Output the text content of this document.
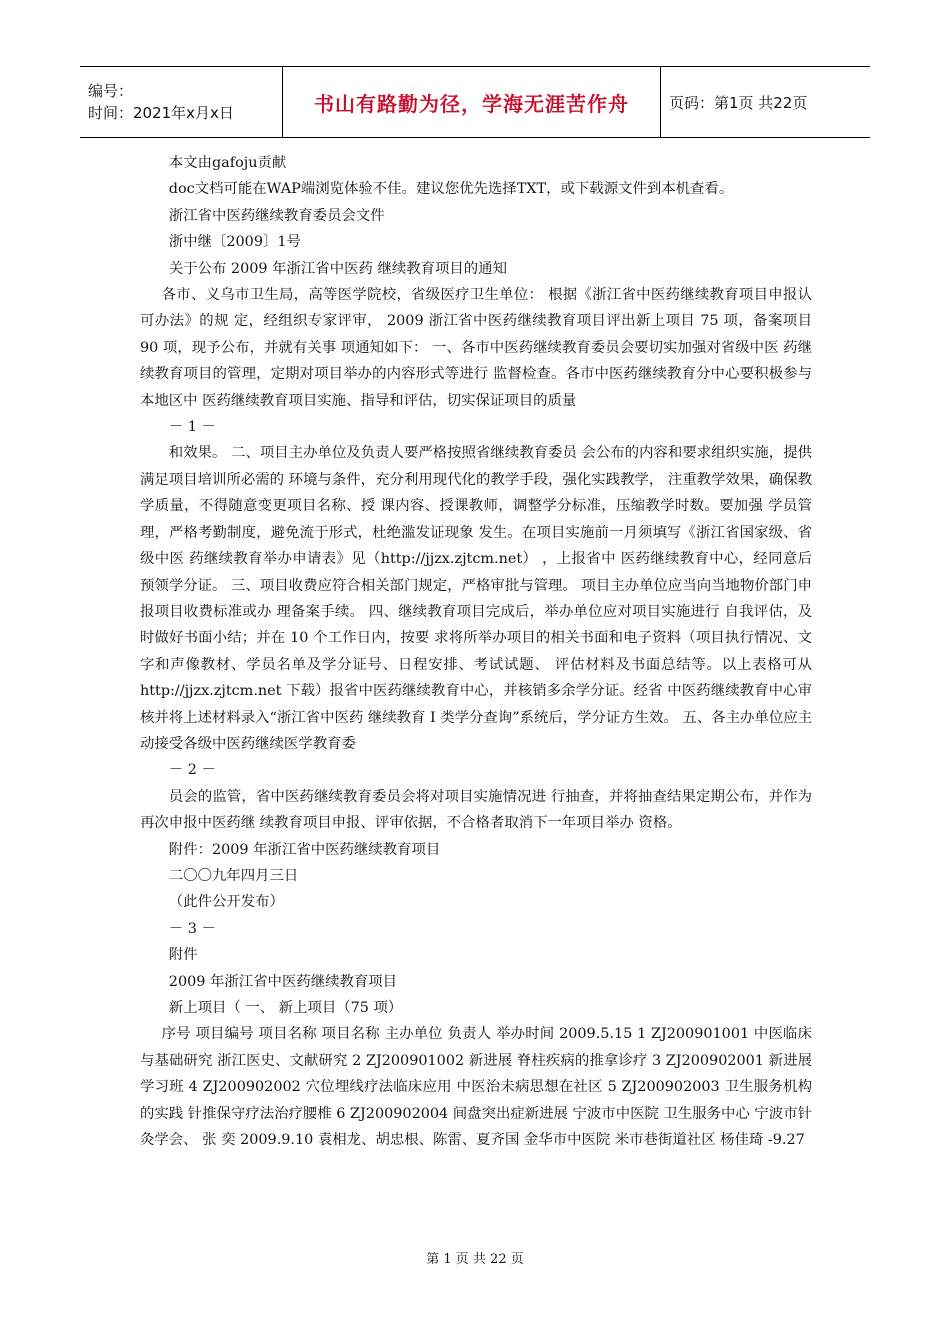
编号：
时间：2021年x月x日	书山有路勤为径，学海无涯苦作舟	页码：第1页 共22页

本文由gafoju贡献

doc文档可能在WAP端浏览体验不佳。建议您优先选择TXT，或下载源文件到本机查看。

浙江省中医药继续教育委员会文件

浙中继〔2009〕1号

关于公布 2009 年浙江省中医药 继续教育项目的通知

各市、义乌市卫生局，高等医学院校，省级医疗卫生单位： 根据《浙江省中医药继续教育项目申报认可办法》的规 定，经组织专家评审， 2009 浙江省中医药继续教育项目评出新上项目 75 项，备案项目 90 项，现予公布，并就有关事 项通知如下： 一、各市中医药继续教育委员会要切实加强对省级中医 药继续教育项目的管理，定期对项目举办的内容形式等进行 监督检查。各市中医药继续教育分中心要积极参与本地区中 医药继续教育项目实施、指导和评估，切实保证项目的质量

－ 1 －

和效果。 二、项目主办单位及负责人要严格按照省继续教育委员 会公布的内容和要求组织实施，提供满足项目培训所必需的 环境与条件，充分利用现代化的教学手段，强化实践教学， 注重教学效果，确保教学质量，不得随意变更项目名称、授 课内容、授课教师，调整学分标准，压缩教学时数。要加强 学员管理，严格考勤制度，避免流于形式，杜绝滥发证现象 发生。在项目实施前一月须填写《浙江省国家级、省级中医 药继续教育举办申请表》见（http://jjzx.zjtcm.net） ，上报省中 医药继续教育中心，经同意后预领学分证。 三、项目收费应符合相关部门规定，严格审批与管理。 项目主办单位应当向当地物价部门申报项目收费标准或办 理备案手续。 四、继续教育项目完成后，举办单位应对项目实施进行 自我评估，及时做好书面小结；并在 10 个工作日内，按要 求将所举办项目的相关书面和电子资料（项目执行情况、文 字和声像教材、学员名单及学分证号、日程安排、考试试题、 评估材料及书面总结等。以上表格可从 http://jjzx.zjtcm.net 下载）报省中医药继续教育中心，并核销多余学分证。经省 中医药继续教育中心审核并将上述材料录入“浙江省中医药 继续教育 I 类学分查询”系统后，学分证方生效。 五、各主办单位应主动接受各级中医药继续医学教育委

－ 2 －

员会的监管，省中医药继续教育委员会将对项目实施情况进 行抽查，并将抽查结果定期公布，并作为再次申报中医药继 续教育项目申报、评审依据，不合格者取消下一年项目举办 资格。

附件：2009 年浙江省中医药继续教育项目

二〇〇九年四月三日

（此件公开发布）

－ 3 －

附件

2009 年浙江省中医药继续教育项目

新上项目（ 一、 新上项目（75 项）

序号 项目编号 项目名称 项目名称 主办单位 负责人 举办时间 2009.5.15 1 ZJ200901001 中医临床与基础研究 浙江医史、文献研究 2 ZJ200901002 新进展 脊柱疾病的推拿诊疗 3 ZJ200902001 新进展学习班 4 ZJ200902002 穴位埋线疗法临床应用 中医治未病思想在社区 5 ZJ200902003 卫生服务机构的实践 针推保守疗法治疗腰椎 6 ZJ200902004 间盘突出症新进展 宁波市中医院 卫生服务中心 宁波市针灸学会、 张 奕 2009.9.10 袁相龙、胡忠根、陈雷、夏齐国 金华市中医院 米市巷街道社区 杨佳琦 -9.27

第 1 页 共 22 页
